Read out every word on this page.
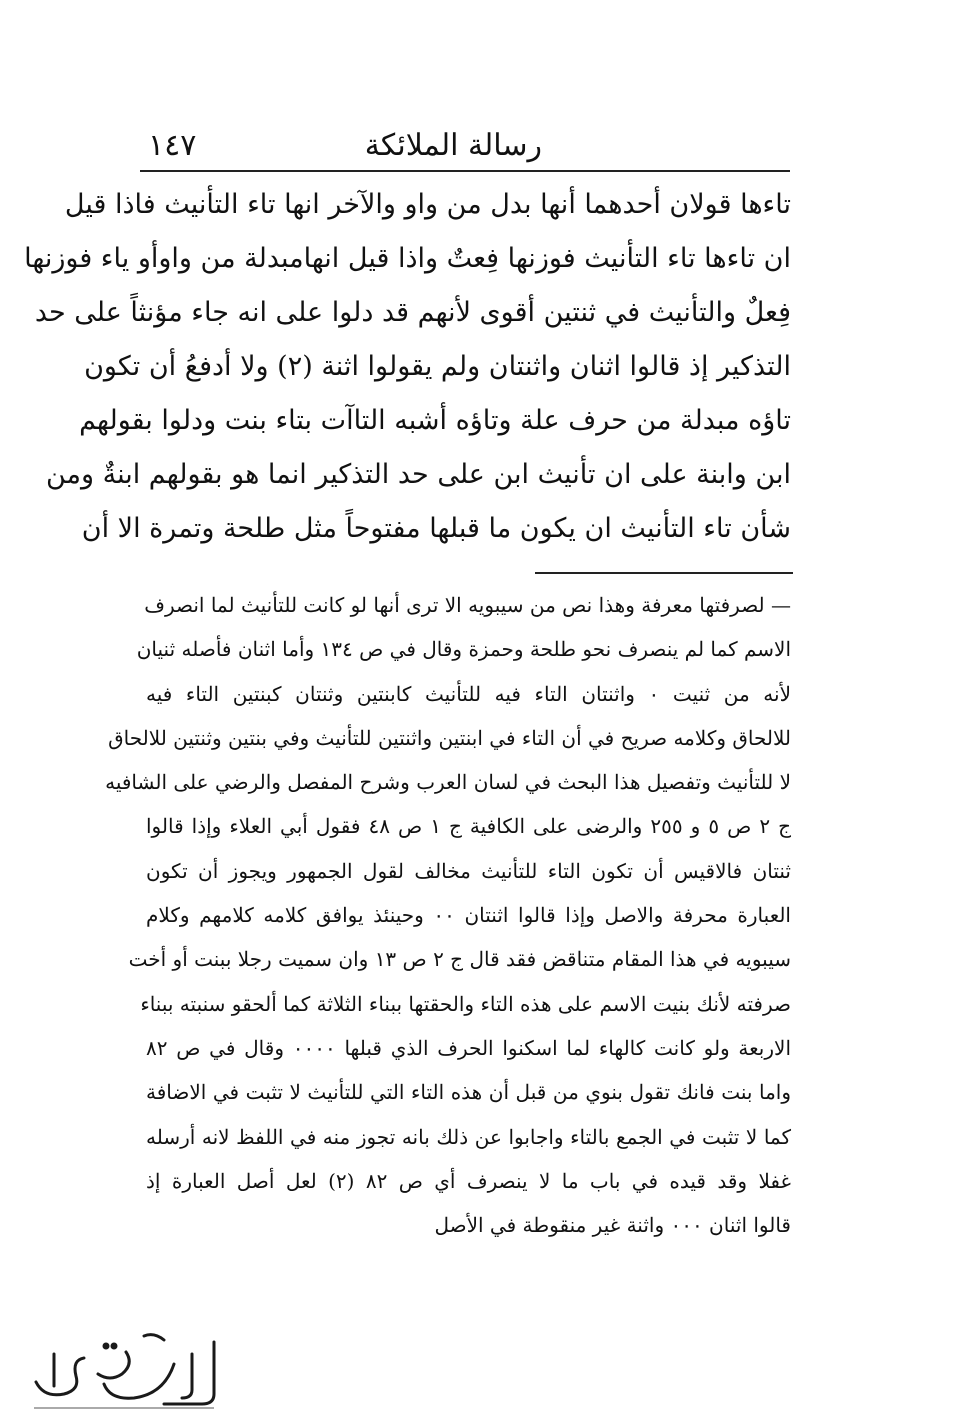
رسالة الملائكة
١٤٧
تاءها قولان أحدهما أنها بدل من واو والآخر انها تاء التأنيث فاذا قيل
ان تاءها تاء التأنيث فوزنها فِعتٌ واذا قيل انهامبدلة من واوأو ياء فوزنها
فِعلٌ والتأنيث في ثنتين أقوى لأنهم قد دلوا على انه جاء مؤنثاً على حد
التذكير إذ قالوا اثنان واثنتان ولم يقولوا اثنة (٢) ولا أدفعُ أن تكون
تاؤه مبدلة من حرف علة وتاؤه أشبه التاآت بتاء بنت ودلوا بقولهم
ابن وابنة على ان تأنيث ابن على حد التذكير انما هو بقولهم ابنةٌ ومن
شأن تاء التأنيث ان يكون ما قبلها مفتوحاً مثل طلحة وتمرة الا أن
— لصرفتها معرفة وهذا نص من سيبويه الا ترى أنها لو كانت للتأنيث لما انصرف
الاسم كما لم ينصرف نحو طلحة وحمزة وقال في ص ١٣٤ وأما اثنان فأصله ثنيان
لأنه من ثنيت ٠ واثنتان التاء فيه للتأنيث كابنتين وثنتان كبنتين التاء فيه
للالحاق وكلامه صريح في أن التاء في ابنتين واثنتين للتأنيث وفي بنتين وثنتين للالحاق
لا للتأنيث وتفصيل هذا البحث في لسان العرب وشرح المفصل والرضي على الشافيه
ج ٢ ص ٥ و ٢٥٥ والرضى على الكافية ج ١ ص ٤٨ فقول أبي العلاء وإذا قالوا
ثنتان فالاقيس أن تكون التاء للتأنيث مخالف لقول الجمهور ويجوز أن تكون
العبارة محرفة والاصل وإذا قالوا اثنتان ٠٠ وحينئذ يوافق كلامه كلامهم وكلام
سيبويه في هذا المقام متناقض فقد قال ج ٢ ص ١٣ وان سميت رجلا ببنت أو أخت
صرفته لأنك بنيت الاسم على هذه التاء والحقتها ببناء الثلاثة كما ألحقو سنبته ببناء
الاربعة ولو كانت كالهاء لما اسكنوا الحرف الذي قبلها ٠٠٠٠ وقال في ص ٨٢
واما بنت فانك تقول بنوي من قبل أن هذه التاء التي للتأنيث لا تثبت في الاضافة
كما لا تثبت في الجمع بالتاء واجابوا عن ذلك بانه تجوز منه في اللفظ لانه أرسله
غفلا وقد قيده في باب ما لا ينصرف أي ص ٨٢ (٢) لعل أصل العبارة إذ
قالوا اثنان ٠٠٠ واثنة غير منقوطة في الأصل
